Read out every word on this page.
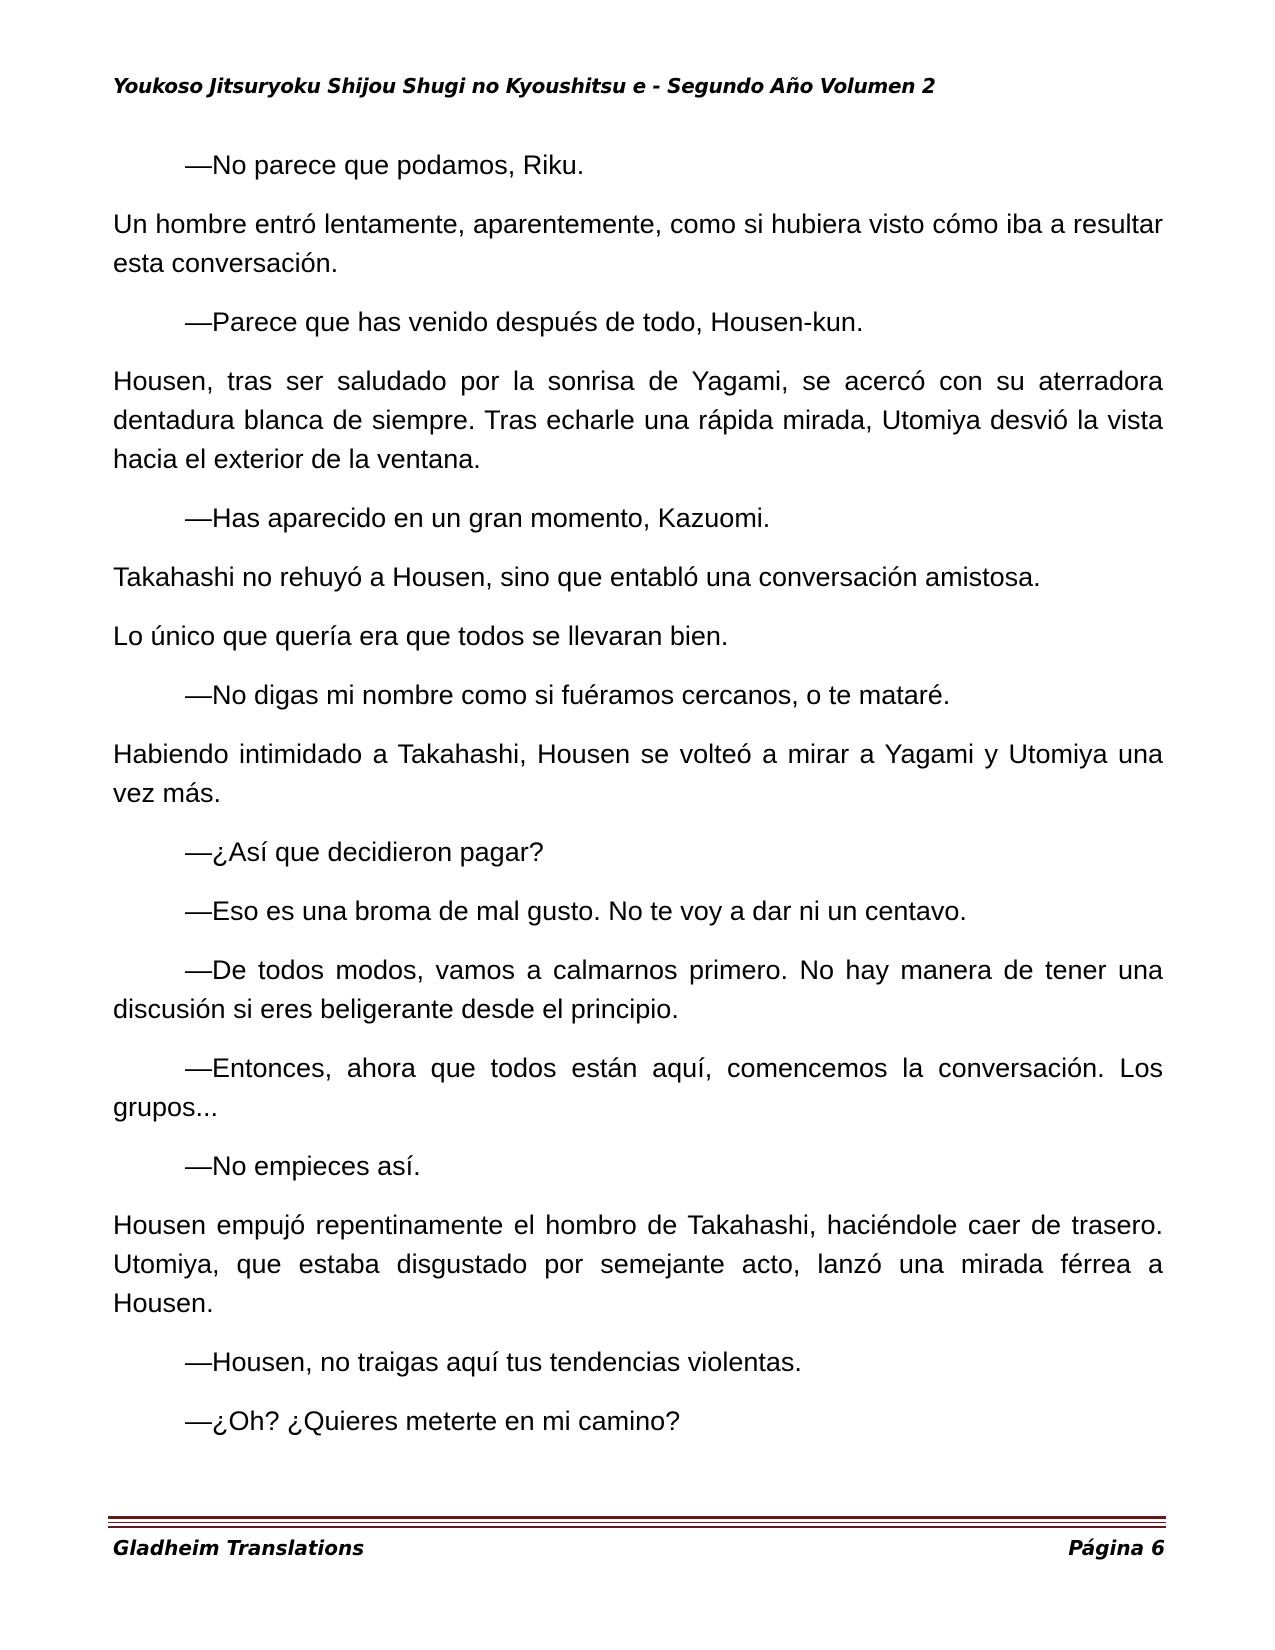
Youkoso Jitsuryoku Shijou Shugi no Kyoushitsu e - Segundo Año Volumen 2

—No parece que podamos, Riku.

Un hombre entró lentamente, aparentemente, como si hubiera visto cómo iba a resultar esta conversación.

—Parece que has venido después de todo, Housen-kun.

Housen, tras ser saludado por la sonrisa de Yagami, se acercó con su aterradora dentadura blanca de siempre. Tras echarle una rápida mirada, Utomiya desvió la vista hacia el exterior de la ventana.

—Has aparecido en un gran momento, Kazuomi.

Takahashi no rehuyó a Housen, sino que entabló una conversación amistosa.

Lo único que quería era que todos se llevaran bien.

—No digas mi nombre como si fuéramos cercanos, o te mataré.

Habiendo intimidado a Takahashi, Housen se volteó a mirar a Yagami y Utomiya una vez más.

—¿Así que decidieron pagar?

—Eso es una broma de mal gusto. No te voy a dar ni un centavo.

—De todos modos, vamos a calmarnos primero. No hay manera de tener una discusión si eres beligerante desde el principio.

—Entonces, ahora que todos están aquí, comencemos la conversación. Los grupos...

—No empieces así.

Housen empujó repentinamente el hombro de Takahashi, haciéndole caer de trasero. Utomiya, que estaba disgustado por semejante acto, lanzó una mirada férrea a Housen.

—Housen, no traigas aquí tus tendencias violentas.

—¿Oh? ¿Quieres meterte en mi camino?

Gladheim Translations	Página 6
